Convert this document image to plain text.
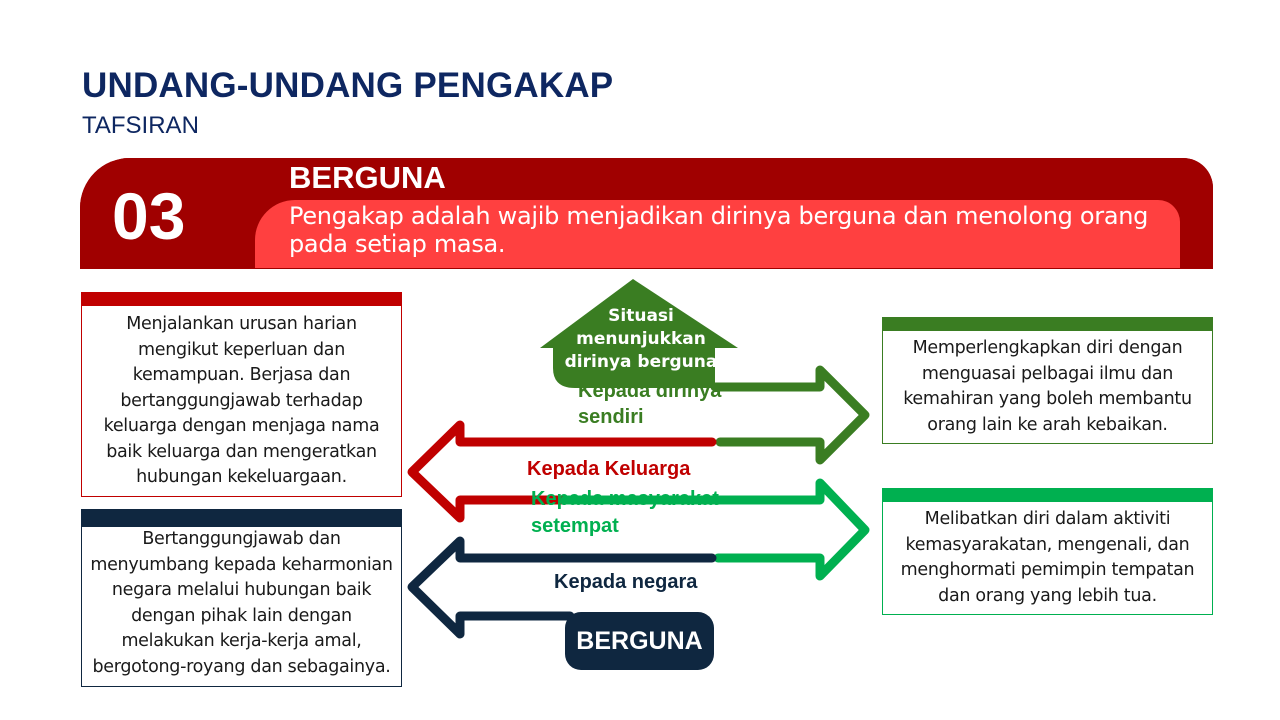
UNDANG-UNDANG PENGAKAP
TAFSIRAN
03
BERGUNA
Pengakap adalah wajib menjadikan dirinya berguna dan menolong orang pada setiap masa.
Situasi menunjukkan dirinya berguna
Kepada dirinya sendiri
Kepada Keluarga
Kepada masyarakat setempat
Kepada negara
BERGUNA
Menjalankan urusan harian mengikut keperluan dan kemampuan. Berjasa dan bertanggungjawab terhadap keluarga dengan menjaga nama baik keluarga dan mengeratkan hubungan kekeluargaan.
Bertanggungjawab dan menyumbang kepada keharmonian negara melalui hubungan baik dengan pihak lain dengan melakukan kerja-kerja amal, bergotong-royang dan sebagainya.
Memperlengkapkan diri dengan menguasai pelbagai ilmu dan kemahiran yang boleh membantu orang lain ke arah kebaikan.
Melibatkan diri dalam aktiviti kemasyarakatan, mengenali, dan menghormati pemimpin tempatan dan orang yang lebih tua.
